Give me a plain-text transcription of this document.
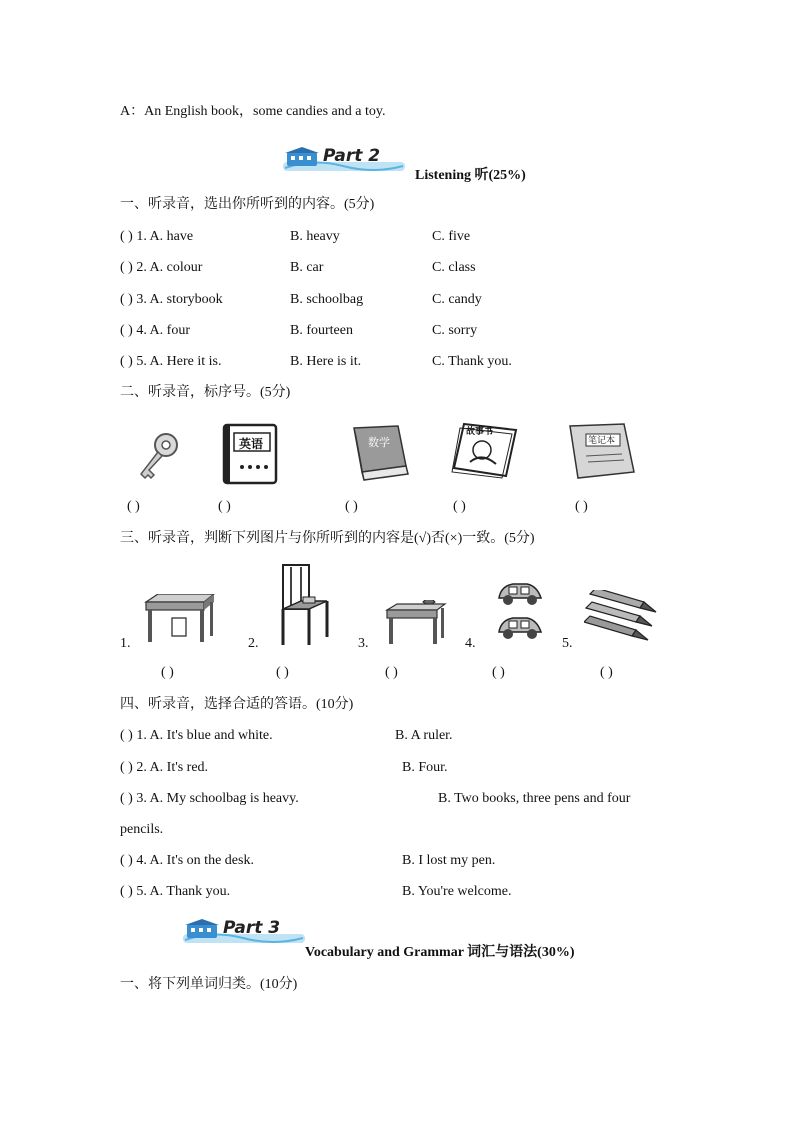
A：An English book，some candies and a toy.
Part 2
Listening 听(25%)
一、听录音，选出你所听到的内容。(5分)
( ) 1. A. have	B. heavy	C. five
( ) 2. A. colour	B. car	C. class
( ) 3. A. storybook	B. schoolbag	C. candy
( ) 4. A. four	B. fourteen	C. sorry
( ) 5. A. Here it is.	B. Here is it.	C. Thank you.
二、听录音，标序号。(5分)
英语	数学
故事书
笔记本
( )	( )	( )	( )	( )
三、听录音，判断下列图片与你所听到的内容是(√)否(×)一致。(5分)
1.	2.	3.	4.	5.
( )	( )	( )	( )	( )
四、听录音，选择合适的答语。(10分)
( ) 1. A. It's blue and white.	B. A ruler.
( ) 2. A. It's red.	B. Four.
( ) 3. A. My schoolbag is heavy.	B. Two books, three pens and four
pencils.
( ) 4. A. It's on the desk.	B. I lost my pen.
( ) 5. A. Thank you.	B. You're welcome.
Part 3
Vocabulary and Grammar 词汇与语法(30%)
一、将下列单词归类。(10分)
